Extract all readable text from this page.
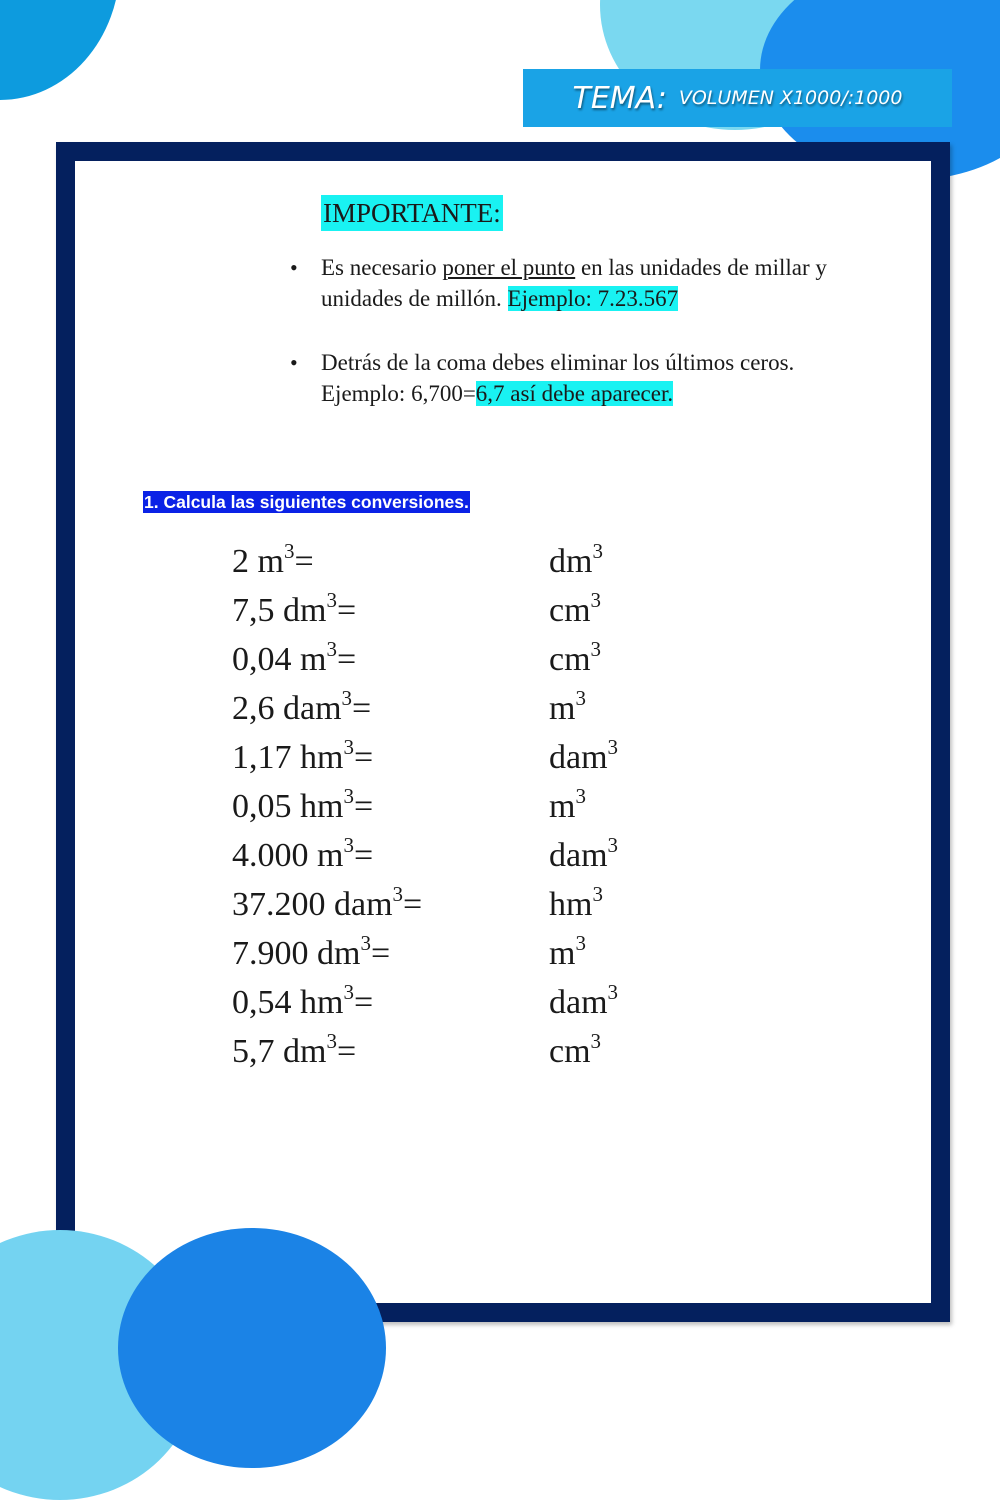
TEMA: VOLUMEN X1000/:1000
IMPORTANTE:
• Es necesario poner el punto en las unidades de millar y unidades de millón. Ejemplo: 7.23.567
• Detrás de la coma debes eliminar los últimos ceros. Ejemplo: 6,700=6,7 así debe aparecer.
1. Calcula las siguientes conversiones.
2 $m^3=$	$dm^3$
7,5 $dm^3=$	$cm^3$
0,04 $m^3=$	$cm^3$
2,6 dam$^3$=	$m^3$
1,17 $hm^3=$	dam$^3$
0,05 $hm^3=$	$m^3$
4.000 $m^3=$	dam$^3$
37.200 dam$^3$=	$hm^3$
7.900 $dm^3=$	$m^3$
0,54 $hm^3=$	dam$^3$
5,7 $dm^3=$	$cm^3$
